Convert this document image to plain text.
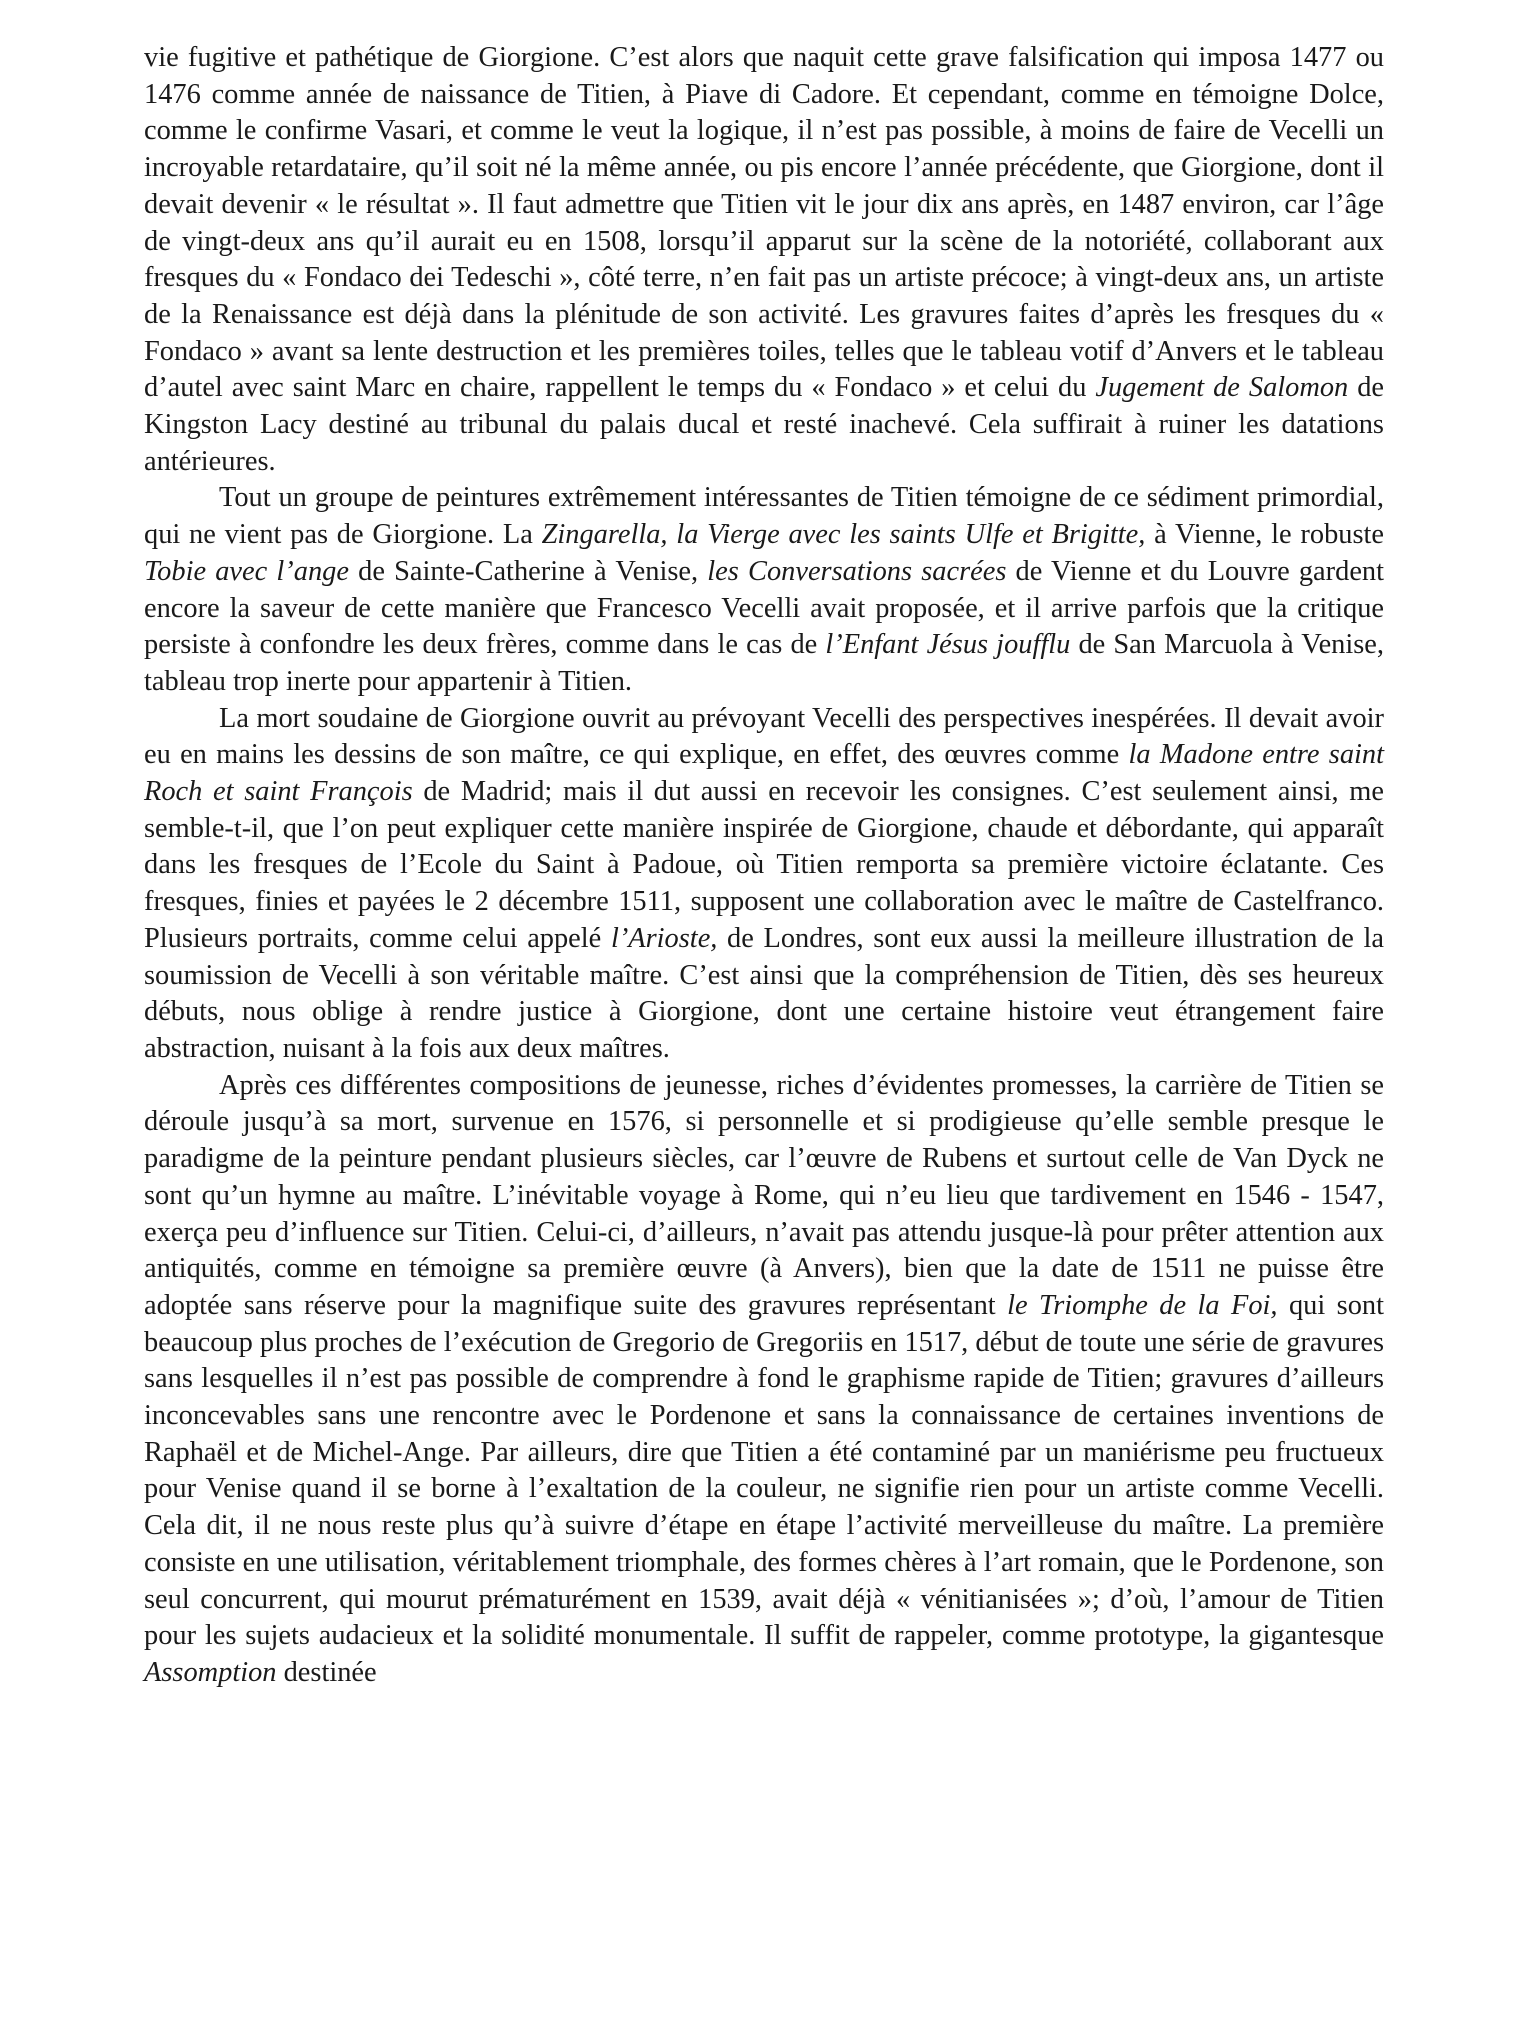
vie fugitive et pathétique de Giorgione. C’est alors que naquit cette grave falsification qui imposa 1477 ou 1476 comme année de naissance de Titien, à Piave di Cadore. Et cependant, comme en témoigne Dolce, comme le confirme Vasari, et comme le veut la logique, il n’est pas possible, à moins de faire de Vecelli un incroyable retardataire, qu’il soit né la même année, ou pis encore l’année précédente, que Giorgione, dont il devait devenir « le résultat ». Il faut admettre que Titien vit le jour dix ans après, en 1487 environ, car l’âge de vingt-deux ans qu’il aurait eu en 1508, lorsqu’il apparut sur la scène de la notoriété, collaborant aux fresques du « Fondaco dei Tedeschi », côté terre, n’en fait pas un artiste précoce; à vingt-deux ans, un artiste de la Renaissance est déjà dans la plénitude de son activité. Les gravures faites d’après les fresques du « Fondaco » avant sa lente destruction et les premières toiles, telles que le tableau votif d’Anvers et le tableau d’autel avec saint Marc en chaire, rappellent le temps du « Fondaco » et celui du Jugement de Salomon de Kingston Lacy destiné au tribunal du palais ducal et resté inachevé. Cela suffirait à ruiner les datations antérieures.

Tout un groupe de peintures extrêmement intéressantes de Titien témoigne de ce sédiment primordial, qui ne vient pas de Giorgione. La Zingarella, la Vierge avec les saints Ulfe et Brigitte, à Vienne, le robuste Tobie avec l’ange de Sainte-Catherine à Venise, les Conversations sacrées de Vienne et du Louvre gardent encore la saveur de cette manière que Francesco Vecelli avait proposée, et il arrive parfois que la critique persiste à confondre les deux frères, comme dans le cas de l’Enfant Jésus joufflu de San Marcuola à Venise, tableau trop inerte pour appartenir à Titien.

La mort soudaine de Giorgione ouvrit au prévoyant Vecelli des perspectives inespérées. Il devait avoir eu en mains les dessins de son maître, ce qui explique, en effet, des œuvres comme la Madone entre saint Roch et saint François de Madrid; mais il dut aussi en recevoir les consignes. C’est seulement ainsi, me semble-t-il, que l’on peut expliquer cette manière inspirée de Giorgione, chaude et débordante, qui apparaît dans les fresques de l’Ecole du Saint à Padoue, où Titien remporta sa première victoire éclatante. Ces fresques, finies et payées le 2 décembre 1511, supposent une collaboration avec le maître de Castelfranco. Plusieurs portraits, comme celui appelé l’Arioste, de Londres, sont eux aussi la meilleure illustration de la soumission de Vecelli à son véritable maître. C’est ainsi que la compréhension de Titien, dès ses heureux débuts, nous oblige à rendre justice à Giorgione, dont une certaine histoire veut étrangement faire abstraction, nuisant à la fois aux deux maîtres.

Après ces différentes compositions de jeunesse, riches d’évidentes promesses, la carrière de Titien se déroule jusqu’à sa mort, survenue en 1576, si personnelle et si prodigieuse qu’elle semble presque le paradigme de la peinture pendant plusieurs siècles, car l’œuvre de Rubens et surtout celle de Van Dyck ne sont qu’un hymne au maître. L’inévitable voyage à Rome, qui n’eu lieu que tardivement en 1546 - 1547, exerça peu d’influence sur Titien. Celui-ci, d’ailleurs, n’avait pas attendu jusque-là pour prêter attention aux antiquités, comme en témoigne sa première œuvre (à Anvers), bien que la date de 1511 ne puisse être adoptée sans réserve pour la magnifique suite des gravures représentant le Triomphe de la Foi, qui sont beaucoup plus proches de l’exécution de Gregorio de Gregoriis en 1517, début de toute une série de gravures sans lesquelles il n’est pas possible de comprendre à fond le graphisme rapide de Titien; gravures d’ailleurs inconcevables sans une rencontre avec le Pordenone et sans la connaissance de certaines inventions de Raphaël et de Michel-Ange. Par ailleurs, dire que Titien a été contaminé par un maniérisme peu fructueux pour Venise quand il se borne à l’exaltation de la couleur, ne signifie rien pour un artiste comme Vecelli. Cela dit, il ne nous reste plus qu’à suivre d’étape en étape l’activité merveilleuse du maître. La première consiste en une utilisation, véritablement triomphale, des formes chères à l’art romain, que le Pordenone, son seul concurrent, qui mourut prématurément en 1539, avait déjà « vénitianisées »; d’où, l’amour de Titien pour les sujets audacieux et la solidité monumentale. Il suffit de rappeler, comme prototype, la gigantesque Assomption destinée
